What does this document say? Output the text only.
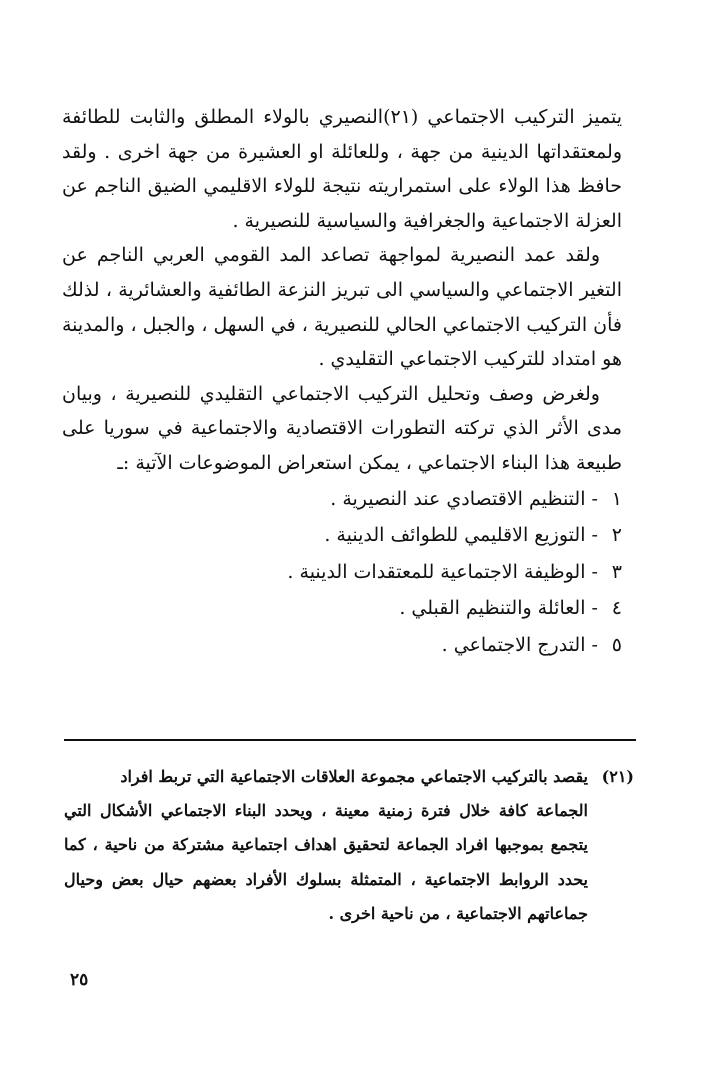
يتميز التركيب الاجتماعي (٢١)النصيري بالولاء المطلق والثابت للطائفة ولمعتقداتها الدينية من جهة ، وللعائلة او العشيرة من جهة اخرى . ولقد حافظ هذا الولاء على استمراريته نتيجة للولاء الاقليمي الضيق الناجم عن العزلة الاجتماعية والجغرافية والسياسية للنصيرية .

ولقد عمد النصيرية لمواجهة تصاعد المد القومي العربي الناجم عن التغير الاجتماعي والسياسي الى تبريز النزعة الطائفية والعشائرية ، لذلك فأن التركيب الاجتماعي الحالي للنصيرية ، في السهل ، والجبل ، والمدينة هو امتداد للتركيب الاجتماعي التقليدي .

ولغرض وصف وتحليل التركيب الاجتماعي التقليدي للنصيرية ، وبيان مدى الأثر الذي تركته التطورات الاقتصادية والاجتماعية في سوريا على طبيعة هذا البناء الاجتماعي ، يمكن استعراض الموضوعات الآتية :ـ

١ - التنظيم الاقتصادي عند النصيرية .
٢ - التوزيع الاقليمي للطوائف الدينية .
٣ - الوظيفة الاجتماعية للمعتقدات الدينية .
٤ - العائلة والتنظيم القبلي .
٥ - التدرج الاجتماعي .

(٢١)يقصد بالتركيب الاجتماعي مجموعة العلاقات الاجتماعية التي تربط افراد

الجماعة كافة خلال فترة زمنية معينة ، ويحدد البناء الاجتماعي الأشكال التي يتجمع بموجبها افراد الجماعة لتحقيق اهداف اجتماعية مشتركة من ناحية ، كما يحدد الروابط الاجتماعية ، المتمثلة بسلوك الأفراد بعضهم حيال بعض وحيال جماعاتهم الاجتماعية ، من ناحية اخرى .

٢٥
